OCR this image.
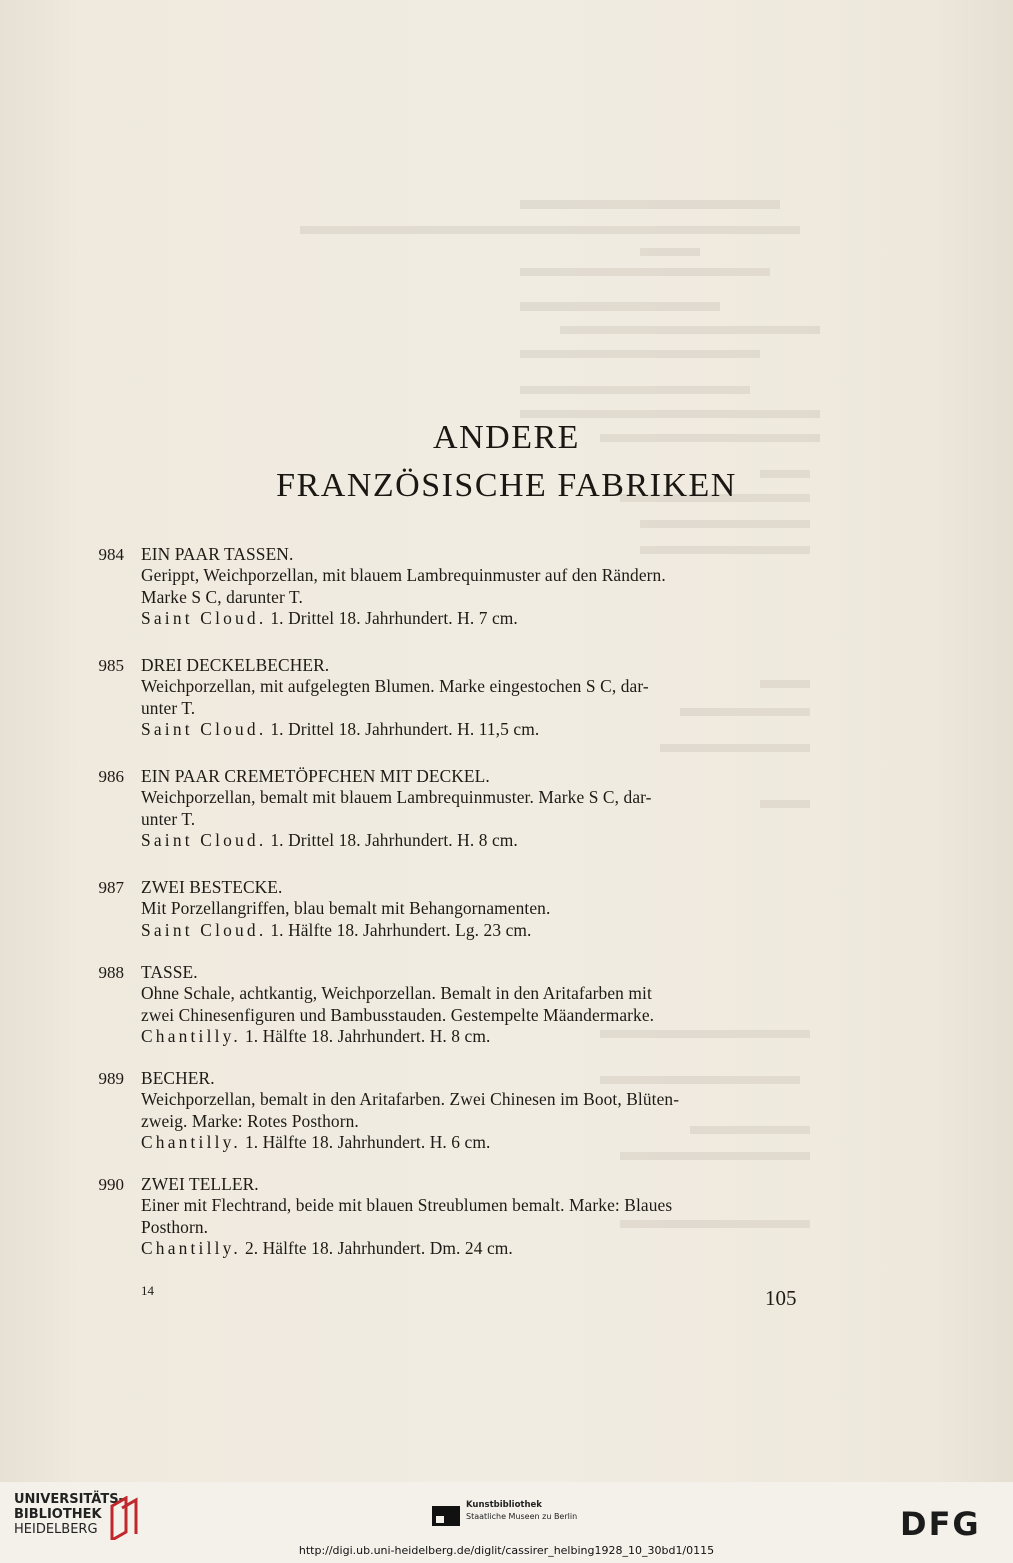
ANDERE
FRANZÖSISCHE FABRIKEN
984 EIN PAAR TASSEN.
Gerippt, Weichporzellan, mit blauem Lambrequinmuster auf den Rändern.
Marke S C, darunter T.
Saint Cloud. 1. Drittel 18. Jahrhundert. H. 7 cm.
985 DREI DECKELBECHER.
Weichporzellan, mit aufgelegten Blumen. Marke eingestochen S C, dar-
unter T.
Saint Cloud. 1. Drittel 18. Jahrhundert. H. 11,5 cm.
986 EIN PAAR CREMETÖPFCHEN MIT DECKEL.
Weichporzellan, bemalt mit blauem Lambrequinmuster. Marke S C, dar-
unter T.
Saint Cloud. 1. Drittel 18. Jahrhundert. H. 8 cm.
987 ZWEI BESTECKE.
Mit Porzellangriffen, blau bemalt mit Behangornamenten.
Saint Cloud. 1. Hälfte 18. Jahrhundert. Lg. 23 cm.
988 TASSE.
Ohne Schale, achtkantig, Weichporzellan. Bemalt in den Aritafarben mit
zwei Chinesenfiguren und Bambusstauden. Gestempelte Mäandermarke.
Chantilly. 1. Hälfte 18. Jahrhundert. H. 8 cm.
989 BECHER.
Weichporzellan, bemalt in den Aritafarben. Zwei Chinesen im Boot, Blüten-
zweig. Marke: Rotes Posthorn.
Chantilly. 1. Hälfte 18. Jahrhundert. H. 6 cm.
990 ZWEI TELLER.
Einer mit Flechtrand, beide mit blauen Streublumen bemalt. Marke: Blaues
Posthorn.
Chantilly. 2. Hälfte 18. Jahrhundert. Dm. 24 cm.
14	105
UNIVERSITÄTS-
BIBLIOTHEK
HEIDELBERG
Kunstbibliothek
Staatliche Museen zu Berlin	DFG
http://digi.ub.uni-heidelberg.de/diglit/cassirer_helbing1928_10_30bd1/0115
